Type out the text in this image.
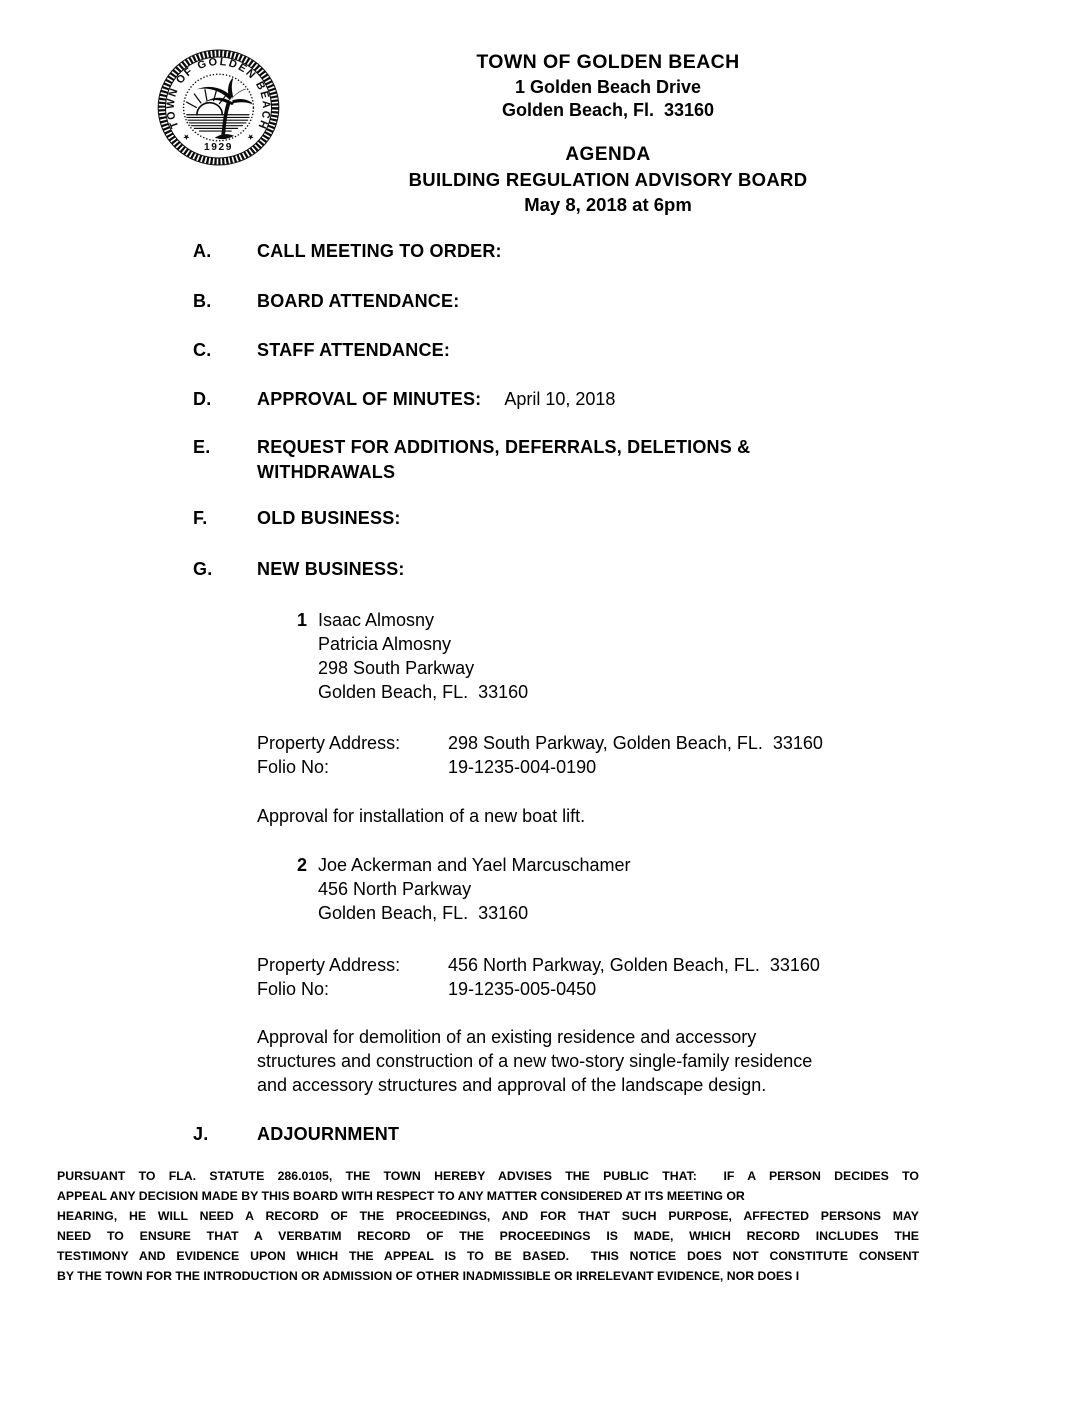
TOWN OF GOLDEN BEACH
1929
★	★
TOWN OF GOLDEN BEACH
1 Golden Beach Drive
Golden Beach, Fl.  33160
AGENDA
BUILDING REGULATION ADVISORY BOARD
May 8, 2018 at 6pm
A.	CALL MEETING TO ORDER:
B.	BOARD ATTENDANCE:
C.	STAFF ATTENDANCE:
D.	APPROVAL OF MINUTES: April 10, 2018
E.	REQUEST FOR ADDITIONS, DEFERRALS, DELETIONS &
WITHDRAWALS
F.	OLD BUSINESS:
G.	NEW BUSINESS:
1 Isaac Almosny
Patricia Almosny
298 South Parkway
Golden Beach, FL.  33160
Property Address:	298 South Parkway, Golden Beach, FL.  33160
Folio No:	19-1235-004-0190
Approval for installation of a new boat lift.
2 Joe Ackerman and Yael Marcuschamer
456 North Parkway
Golden Beach, FL.  33160
Property Address:	456 North Parkway, Golden Beach, FL.  33160
Folio No:	19-1235-005-0450
Approval for demolition of an existing residence and accessory
structures and construction of a new two-story single-family residence
and accessory structures and approval of the landscape design.
J.	ADJOURNMENT
PURSUANT TO FLA. STATUTE 286.0105, THE TOWN HEREBY ADVISES THE PUBLIC THAT:  IF A PERSON DECIDES TO
APPEAL ANY DECISION MADE BY THIS BOARD WITH RESPECT TO ANY MATTER CONSIDERED AT ITS MEETING OR
HEARING, HE WILL NEED A RECORD OF THE PROCEEDINGS, AND FOR THAT SUCH PURPOSE, AFFECTED PERSONS MAY
NEED TO ENSURE THAT A VERBATIM RECORD OF THE PROCEEDINGS IS MADE, WHICH RECORD INCLUDES THE
TESTIMONY AND EVIDENCE UPON WHICH THE APPEAL IS TO BE BASED.  THIS NOTICE DOES NOT CONSTITUTE CONSENT
BY THE TOWN FOR THE INTRODUCTION OR ADMISSION OF OTHER INADMISSIBLE OR IRRELEVANT EVIDENCE, NOR DOES I
